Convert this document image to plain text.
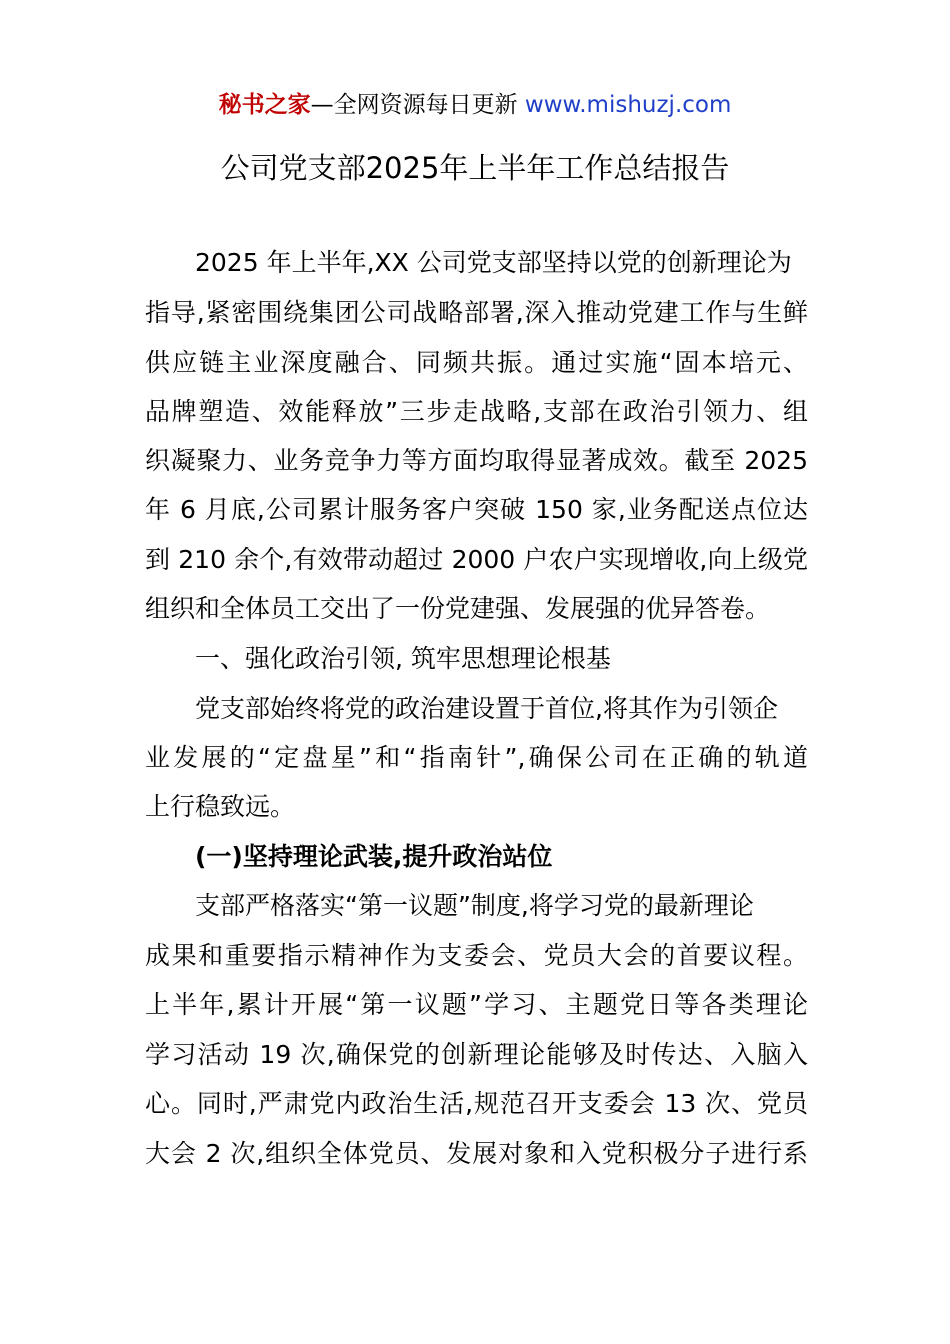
秘书之家—全网资源每日更新 www.mishuzj.com
公司党支部2025年上半年工作总结报告
2025 年上半年,XX 公司党支部坚持以党的创新理论为
指导,紧密围绕集团公司战略部署,深入推动党建工作与生鲜
供应链主业深度融合、同频共振。通过实施“固本培元、
品牌塑造、效能释放”三步走战略,支部在政治引领力、组
织凝聚力、业务竞争力等方面均取得显著成效。截至 2025
年 6 月底,公司累计服务客户突破 150 家,业务配送点位达
到 210 余个,有效带动超过 2000 户农户实现增收,向上级党
组织和全体员工交出了一份党建强、发展强的优异答卷。
一、强化政治引领, 筑牢思想理论根基
党支部始终将党的政治建设置于首位,将其作为引领企
业发展的“定盘星”和“指南针”,确保公司在正确的轨道
上行稳致远。
(一)坚持理论武装,提升政治站位
支部严格落实“第一议题”制度,将学习党的最新理论
成果和重要指示精神作为支委会、党员大会的首要议程。
上半年,累计开展“第一议题”学习、主题党日等各类理论
学习活动 19 次,确保党的创新理论能够及时传达、入脑入
心。同时,严肃党内政治生活,规范召开支委会 13 次、党员
大会 2 次,组织全体党员、发展对象和入党积极分子进行系
